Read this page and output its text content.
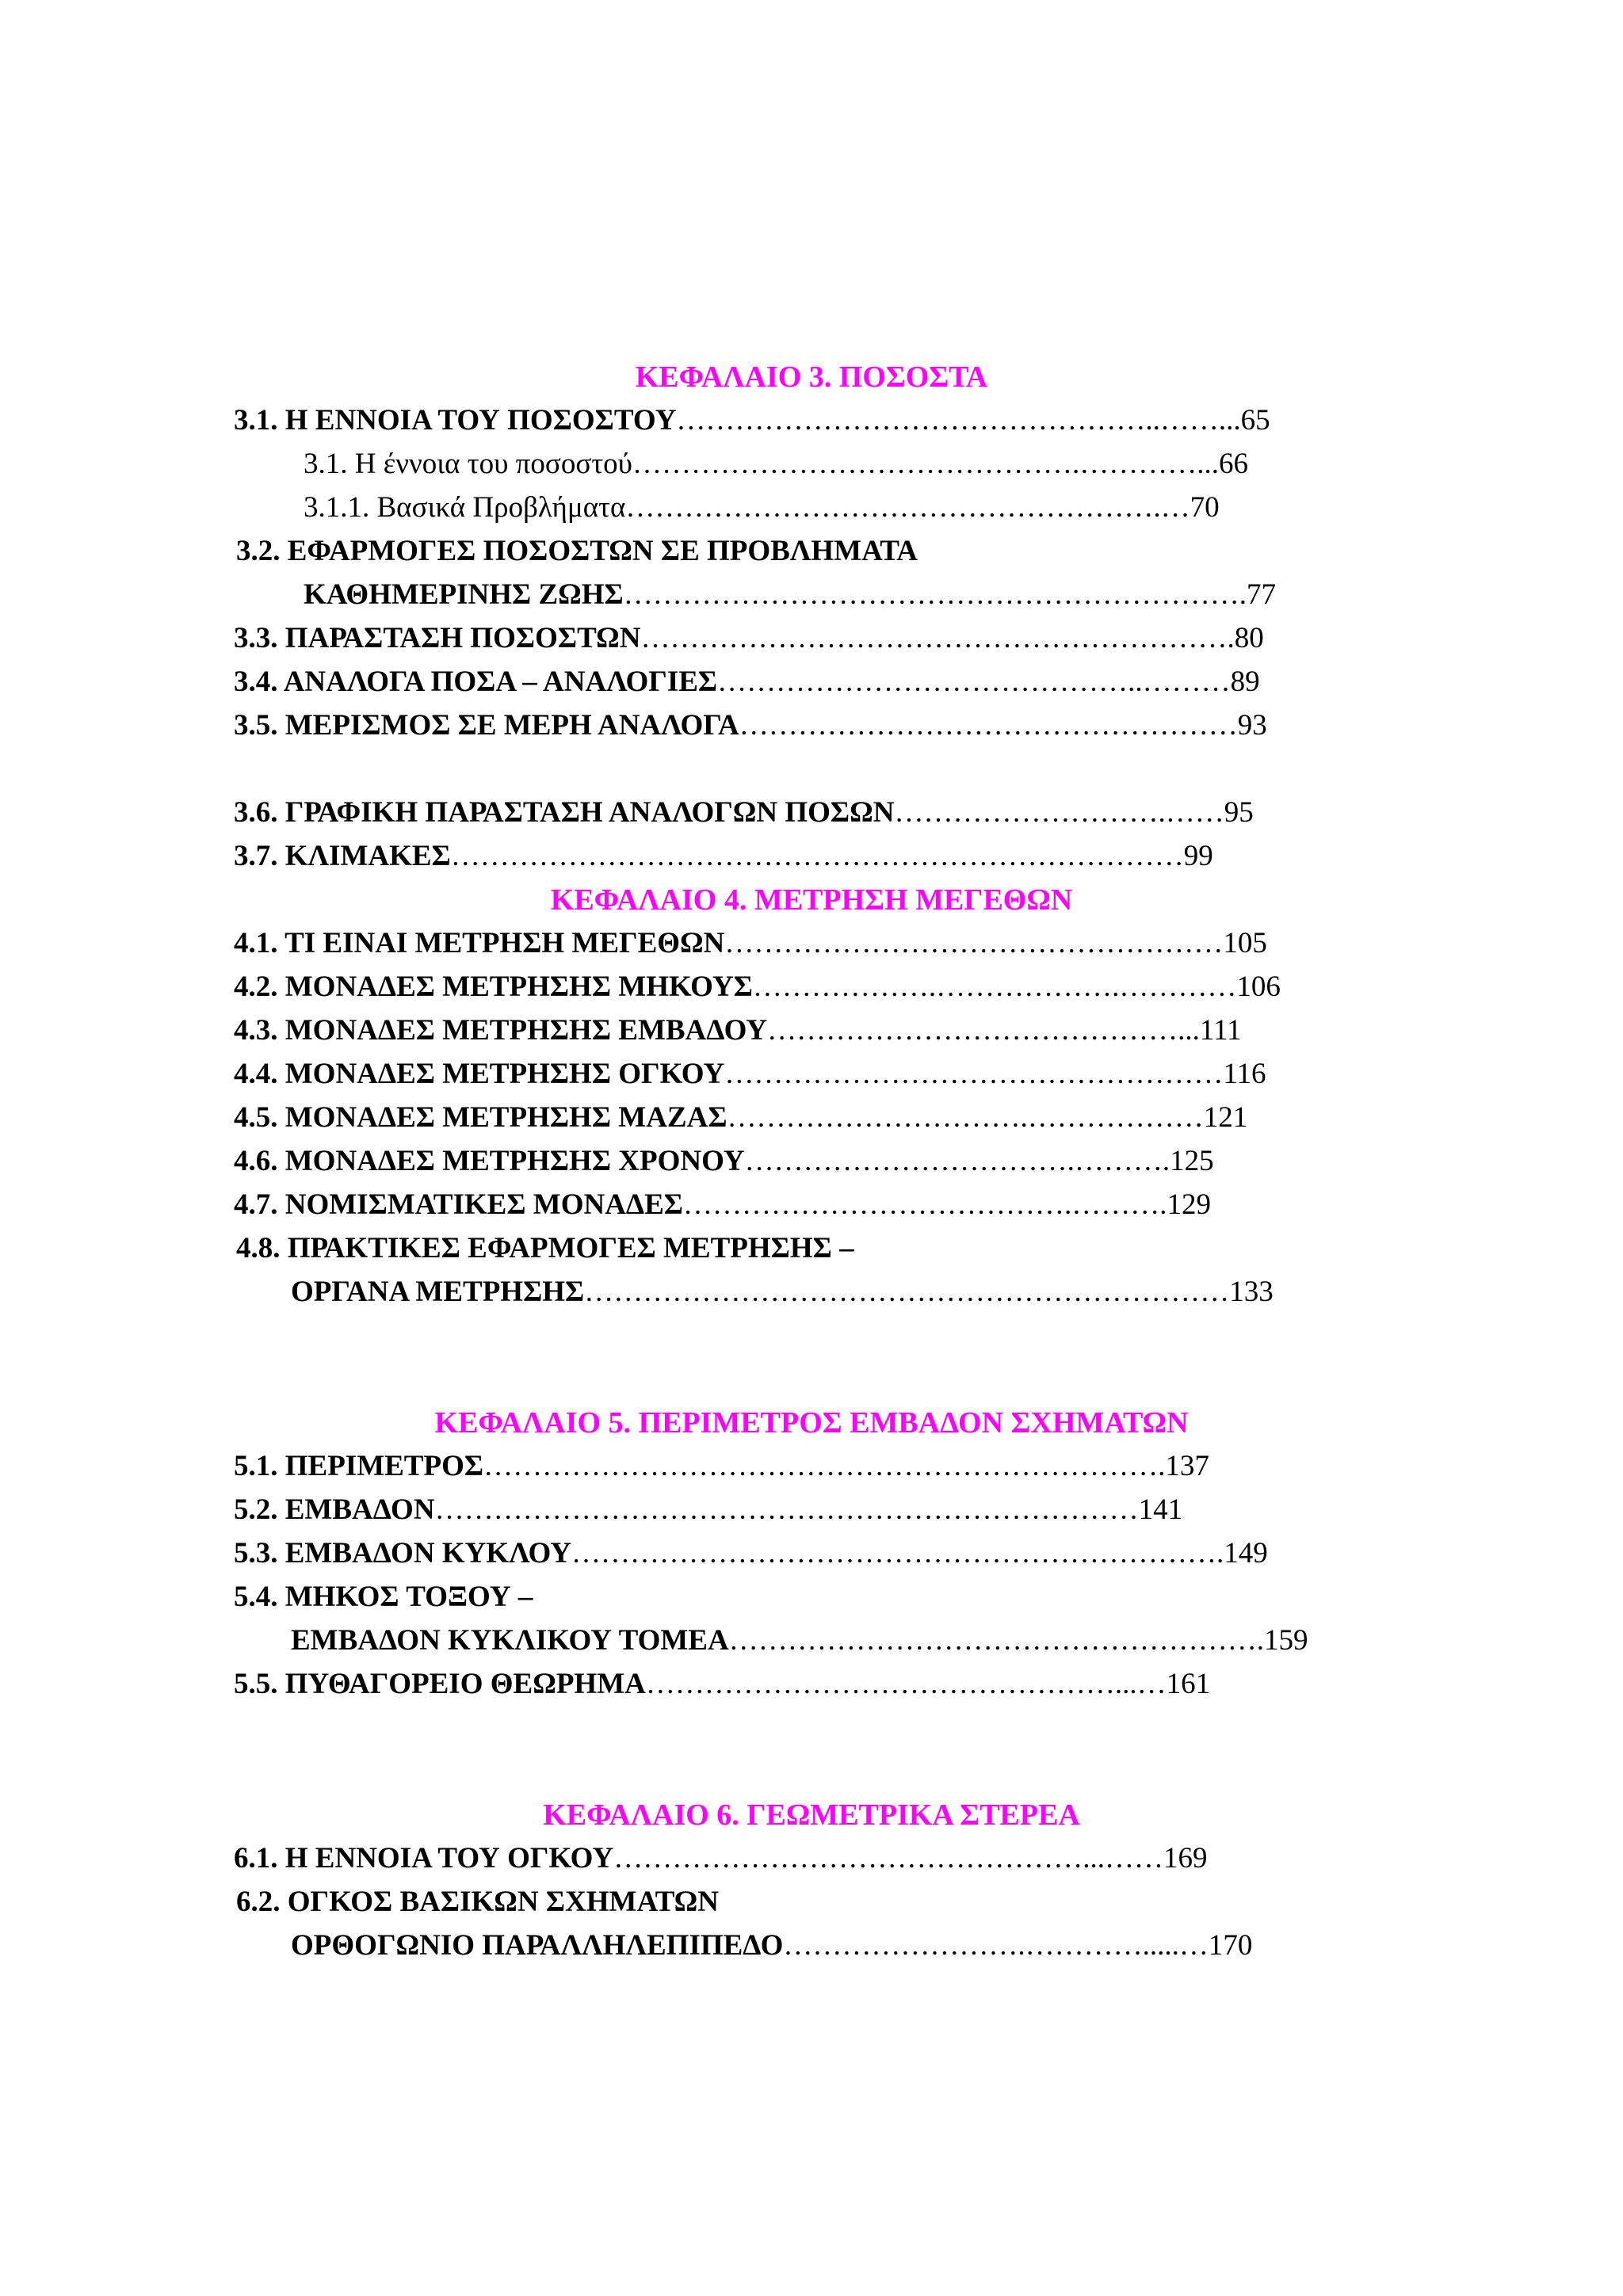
ΚΕΦΑΛΑΙΟ 3. ΠΟΣΟΣΤΑ
3.1. Η ΕΝΝΟΙΑ ΤΟΥ ΠΟΣΟΣΤΟΥ…………………………………………..……...65
3.1. Η έννοια του ποσοστού……………………………………….…………...66
3.1.1. Βασικά Προβλήματα……………………………………………….…70
3.2. ΕΦΑΡΜΟΓΕΣ ΠΟΣΟΣΤΩΝ ΣΕ ΠΡΟΒΛΗΜΑΤΑ
ΚΑΘΗΜΕΡΙΝΗΣ ΖΩΗΣ……………………………………………………….77
3.3. ΠΑΡΑΣΤΑΣΗ ΠΟΣΟΣΤΩΝ…………………………………………………….80
3.4. ΑΝΑΛΟΓΑ ΠΟΣΑ – ΑΝΑΛΟΓΙΕΣ……………………………………..………89
3.5. ΜΕΡΙΣΜΟΣ ΣΕ ΜΕΡΗ ΑΝΑΛΟΓΑ……………………………………………93
3.6. ΓΡΑΦΙΚΗ ΠΑΡΑΣΤΑΣΗ ΑΝΑΛΟΓΩΝ ΠΟΣΩΝ……………………….……95
3.7. ΚΛΙΜΑΚΕΣ…………………………………………………………………99
ΚΕΦΑΛΑΙΟ 4. ΜΕΤΡΗΣΗ ΜΕΓΕΘΩΝ
4.1. ΤΙ ΕΙΝΑΙ ΜΕΤΡΗΣΗ ΜΕΓΕΘΩΝ……………………………………………105
4.2. ΜΟΝΑΔΕΣ ΜΕΤΡΗΣΗΣ ΜΗΚΟΥΣ……………….……………….…………106
4.3. ΜΟΝΑΔΕΣ ΜΕΤΡΗΣΗΣ ΕΜΒΑΔΟΥ……………………………………...111
4.4. ΜΟΝΑΔΕΣ ΜΕΤΡΗΣΗΣ ΟΓΚΟΥ……………………………………………116
4.5. ΜΟΝΑΔΕΣ ΜΕΤΡΗΣΗΣ ΜΑΖΑΣ………………………….………………121
4.6. ΜΟΝΑΔΕΣ ΜΕΤΡΗΣΗΣ ΧΡΟΝΟΥ…………………………….……….125
4.7. ΝΟΜΙΣΜΑΤΙΚΕΣ ΜΟΝΑΔΕΣ………………………………….……….129
4.8. ΠΡΑΚΤΙΚΕΣ ΕΦΑΡΜΟΓΕΣ ΜΕΤΡΗΣΗΣ –
ΟΡΓΑΝΑ ΜΕΤΡΗΣΗΣ…………………………………………………………133
ΚΕΦΑΛΑΙΟ 5. ΠΕΡΙΜΕΤΡΟΣ ΕΜΒΑΔΟΝ ΣΧΗΜΑΤΩΝ
5.1. ΠΕΡΙΜΕΤΡΟΣ…………………………………………………………….137
5.2. ΕΜΒΑΔΟΝ………………………………………………………………141
5.3. ΕΜΒΑΔΟΝ ΚΥΚΛΟΥ………………………………………………………….149
5.4. ΜΗΚΟΣ ΤΟΞΟΥ –
ΕΜΒΑΔΟΝ ΚΥΚΛΙΚΟΥ ΤΟΜΕΑ……………………………………………….159
5.5. ΠΥΘΑΓΟΡΕΙΟ ΘΕΩΡΗΜΑ…………………………………………...…161
ΚΕΦΑΛΑΙΟ 6. ΓΕΩΜΕΤΡΙΚΑ ΣΤΕΡΕΑ
6.1. Η ΕΝΝΟΙΑ ΤΟΥ ΟΓΚΟΥ…………………………………………...……169
6.2. ΟΓΚΟΣ ΒΑΣΙΚΩΝ ΣΧΗΜΑΤΩΝ
ΟΡΘΟΓΩΝΙΟ ΠΑΡΑΛΛΗΛΕΠΙΠΕΔΟ…………………….………….....…170
